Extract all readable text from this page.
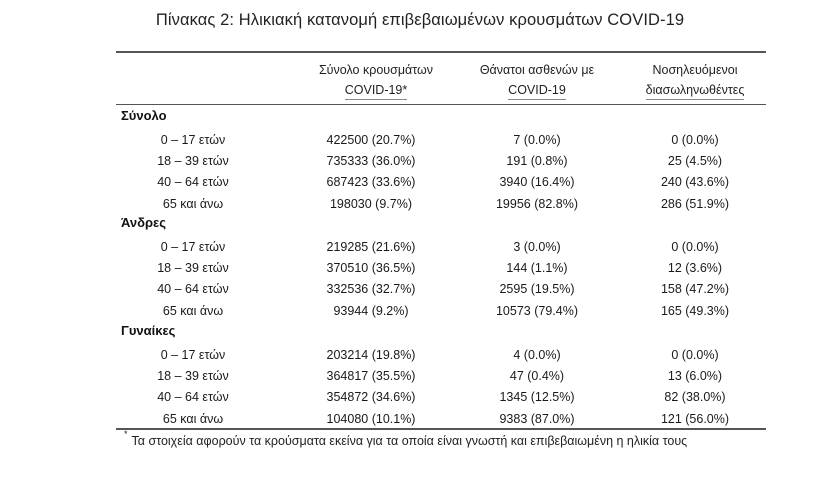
Πίνακας 2: Ηλικιακή κατανομή επιβεβαιωμένων κρουσμάτων COVID-19
Σύνολο κρουσμάτων
COVID-19*
Θάνατοι ασθενών με
COVID-19
Νοσηλευόμενοι
διασωληνωθέντες
Σύνολο
0 – 17 ετών	422500 (20.7%)	7 (0.0%)	0 (0.0%)
18 – 39 ετών	735333 (36.0%)	191 (0.8%)	25 (4.5%)
40 – 64 ετών	687423 (33.6%)	3940 (16.4%)	240 (43.6%)
65 και άνω	198030 (9.7%)	19956 (82.8%)	286 (51.9%)
Άνδρες
0 – 17 ετών	219285 (21.6%)	3 (0.0%)	0 (0.0%)
18 – 39 ετών	370510 (36.5%)	144 (1.1%)	12 (3.6%)
40 – 64 ετών	332536 (32.7%)	2595 (19.5%)	158 (47.2%)
65 και άνω	93944 (9.2%)	10573 (79.4%)	165 (49.3%)
Γυναίκες
0 – 17 ετών	203214 (19.8%)	4 (0.0%)	0 (0.0%)
18 – 39 ετών	364817 (35.5%)	47 (0.4%)	13 (6.0%)
40 – 64 ετών	354872 (34.6%)	1345 (12.5%)	82 (38.0%)
65 και άνω	104080 (10.1%)	9383 (87.0%)	121 (56.0%)
*Τα στοιχεία αφορούν τα κρούσματα εκείνα για τα οποία είναι γνωστή και επιβεβαιωμένη η ηλικία τους
